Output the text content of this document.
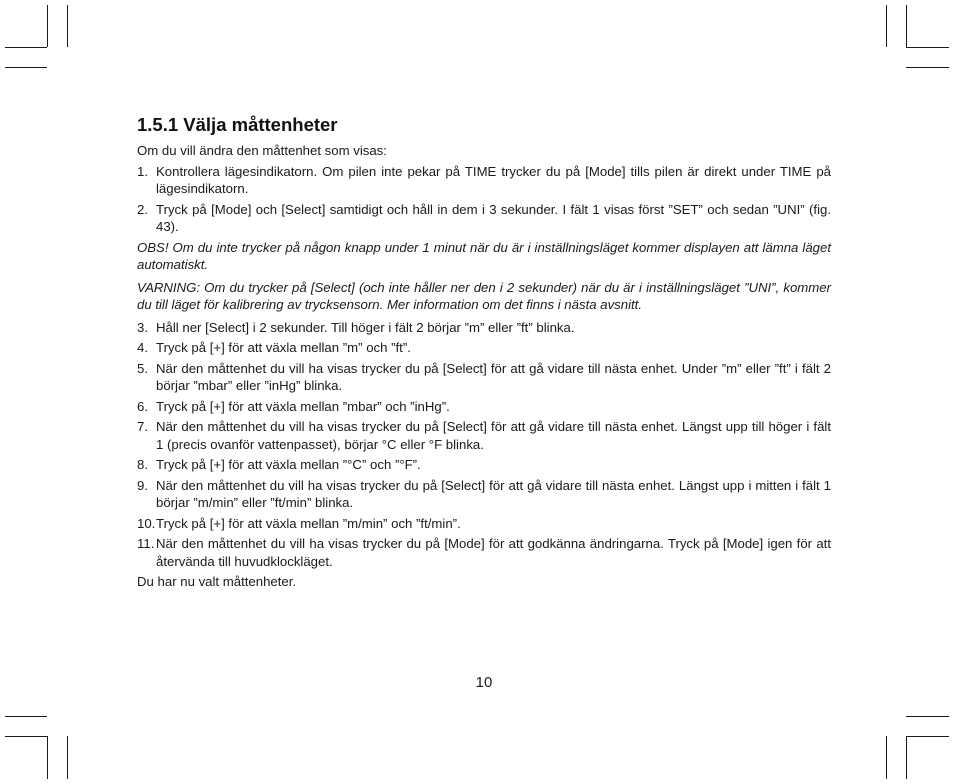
1.5.1 Välja måttenheter

Om du vill ändra den måttenhet som visas:

1. Kontrollera lägesindikatorn. Om pilen inte pekar på TIME trycker du på [Mode] tills pilen är direkt under TIME på lägesindikatorn.
2. Tryck på [Mode] och [Select] samtidigt och håll in dem i 3 sekunder. I fält 1 visas först ”SET” och sedan ”UNI” (fig. 43).

OBS! Om du inte trycker på någon knapp under 1 minut när du är i inställningsläget kommer displayen att lämna läget automatiskt.

VARNING: Om du trycker på [Select] (och inte håller ner den i 2 sekunder) när du är i inställningsläget ”UNI”, kommer du till läget för kalibrering av trycksensorn. Mer information om det finns i nästa avsnitt.

3. Håll ner [Select] i 2 sekunder. Till höger i fält 2 börjar ”m” eller ”ft” blinka.
4. Tryck på [+] för att växla mellan ”m” och ”ft”.
5. När den måttenhet du vill ha visas trycker du på [Select] för att gå vidare till nästa enhet. Under ”m” eller ”ft” i fält 2 börjar ”mbar” eller ”inHg” blinka.
6. Tryck på [+] för att växla mellan ”mbar” och ”inHg”.
7. När den måttenhet du vill ha visas trycker du på [Select] för att gå vidare till nästa enhet. Längst upp till höger i fält 1 (precis ovanför vattenpasset), börjar °C eller °F blinka.
8. Tryck på [+] för att växla mellan ”°C” och ”°F”.
9. När den måttenhet du vill ha visas trycker du på [Select] för att gå vidare till nästa enhet. Längst upp i mitten i fält 1 börjar ”m/min” eller ”ft/min” blinka.
10. Tryck på [+] för att växla mellan ”m/min” och ”ft/min”.
11. När den måttenhet du vill ha visas trycker du på [Mode] för att godkänna ändringarna. Tryck på [Mode] igen för att återvända till huvudklockläget.

Du har nu valt måttenheter.

10
